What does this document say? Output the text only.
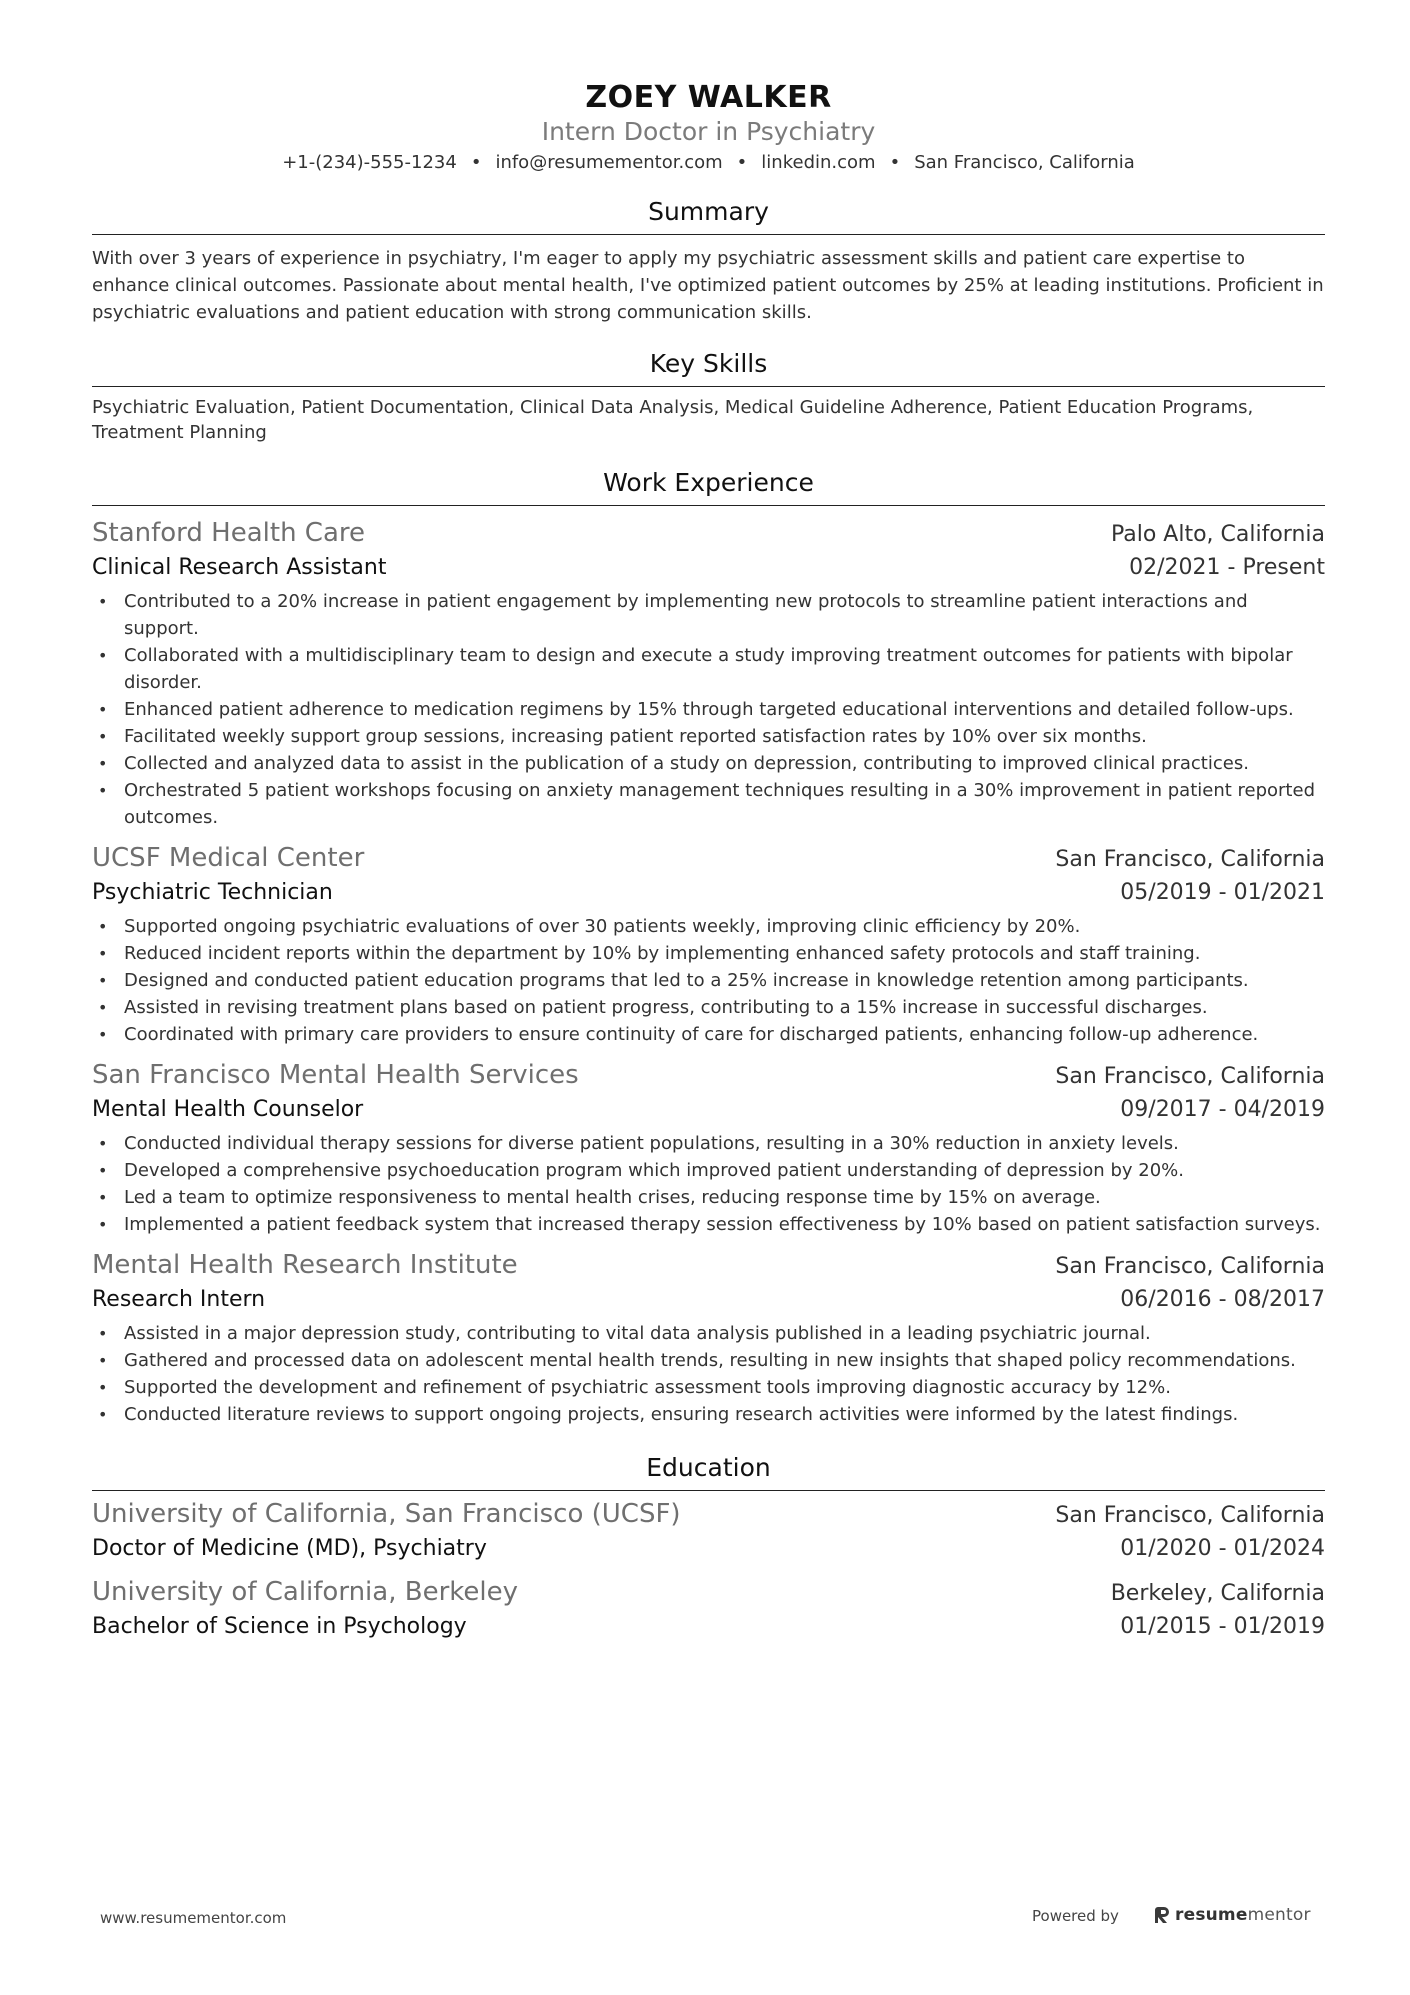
ZOEY WALKER
Intern Doctor in Psychiatry
+1-(234)-555-1234 • info@resumementor.com • linkedin.com • San Francisco, California
Summary
With over 3 years of experience in psychiatry, I'm eager to apply my psychiatric assessment skills and patient care expertise to enhance clinical outcomes. Passionate about mental health, I've optimized patient outcomes by 25% at leading institutions. Proficient in psychiatric evaluations and patient education with strong communication skills.
Key Skills
Psychiatric Evaluation, Patient Documentation, Clinical Data Analysis, Medical Guideline Adherence, Patient Education Programs, Treatment Planning
Work Experience
Stanford Health Care	Palo Alto, California
Clinical Research Assistant	02/2021 - Present
• Contributed to a 20% increase in patient engagement by implementing new protocols to streamline patient interactions and support.
• Collaborated with a multidisciplinary team to design and execute a study improving treatment outcomes for patients with bipolar disorder.
• Enhanced patient adherence to medication regimens by 15% through targeted educational interventions and detailed follow-ups.
• Facilitated weekly support group sessions, increasing patient reported satisfaction rates by 10% over six months.
• Collected and analyzed data to assist in the publication of a study on depression, contributing to improved clinical practices.
• Orchestrated 5 patient workshops focusing on anxiety management techniques resulting in a 30% improvement in patient reported outcomes.
UCSF Medical Center	San Francisco, California
Psychiatric Technician	05/2019 - 01/2021
• Supported ongoing psychiatric evaluations of over 30 patients weekly, improving clinic efficiency by 20%.
• Reduced incident reports within the department by 10% by implementing enhanced safety protocols and staff training.
• Designed and conducted patient education programs that led to a 25% increase in knowledge retention among participants.
• Assisted in revising treatment plans based on patient progress, contributing to a 15% increase in successful discharges.
• Coordinated with primary care providers to ensure continuity of care for discharged patients, enhancing follow-up adherence.
San Francisco Mental Health Services	San Francisco, California
Mental Health Counselor	09/2017 - 04/2019
• Conducted individual therapy sessions for diverse patient populations, resulting in a 30% reduction in anxiety levels.
• Developed a comprehensive psychoeducation program which improved patient understanding of depression by 20%.
• Led a team to optimize responsiveness to mental health crises, reducing response time by 15% on average.
• Implemented a patient feedback system that increased therapy session effectiveness by 10% based on patient satisfaction surveys.
Mental Health Research Institute	San Francisco, California
Research Intern	06/2016 - 08/2017
• Assisted in a major depression study, contributing to vital data analysis published in a leading psychiatric journal.
• Gathered and processed data on adolescent mental health trends, resulting in new insights that shaped policy recommendations.
• Supported the development and refinement of psychiatric assessment tools improving diagnostic accuracy by 12%.
• Conducted literature reviews to support ongoing projects, ensuring research activities were informed by the latest findings.
Education
University of California, San Francisco (UCSF)	San Francisco, California
Doctor of Medicine (MD), Psychiatry	01/2020 - 01/2024
University of California, Berkeley	Berkeley, California
Bachelor of Science in Psychology	01/2015 - 01/2019
www.resumementor.com	Powered by	resumementor
